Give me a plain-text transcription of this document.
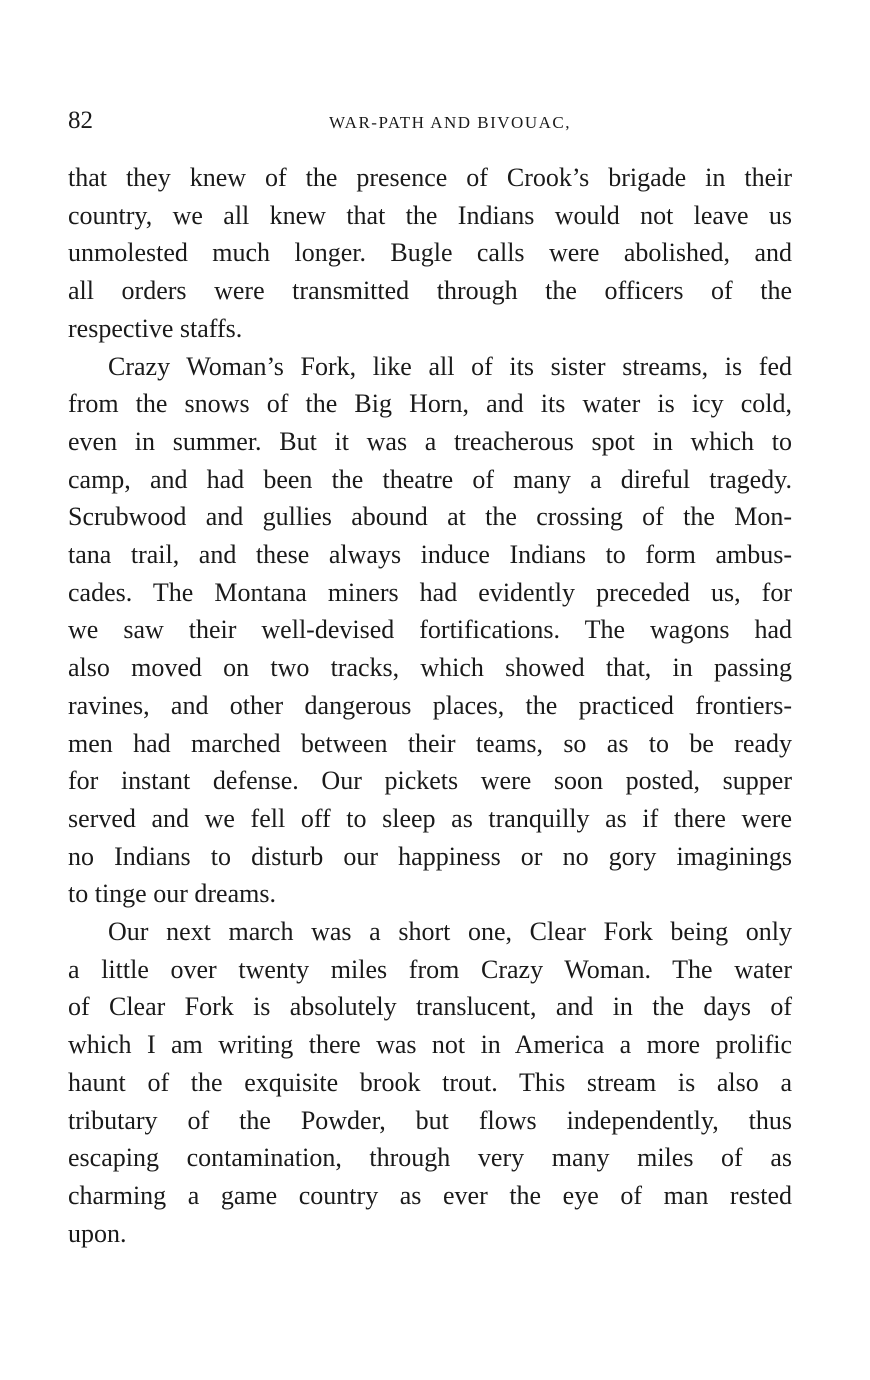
82	WAR-PATH AND BIVOUAC,

that they knew of the presence of Crook’s brigade in their
country, we all knew that the Indians would not leave us
unmolested much longer. Bugle calls were abolished, and
all orders were transmitted through the officers of the
respective staffs.

Crazy Woman’s Fork, like all of its sister streams, is fed
from the snows of the Big Horn, and its water is icy cold,
even in summer. But it was a treacherous spot in which to
camp, and had been the theatre of many a direful tragedy.
Scrubwood and gullies abound at the crossing of the Mon-
tana trail, and these always induce Indians to form ambus-
cades. The Montana miners had evidently preceded us, for
we saw their well-devised fortifications. The wagons had
also moved on two tracks, which showed that, in passing
ravines, and other dangerous places, the practiced frontiers-
men had marched between their teams, so as to be ready
for instant defense. Our pickets were soon posted, supper
served and we fell off to sleep as tranquilly as if there were
no Indians to disturb our happiness or no gory imaginings
to tinge our dreams.

Our next march was a short one, Clear Fork being only
a little over twenty miles from Crazy Woman. The water
of Clear Fork is absolutely translucent, and in the days of
which I am writing there was not in America a more prolific
haunt of the exquisite brook trout. This stream is also a
tributary of the Powder, but flows independently, thus
escaping contamination, through very many miles of as
charming a game country as ever the eye of man rested
upon.
